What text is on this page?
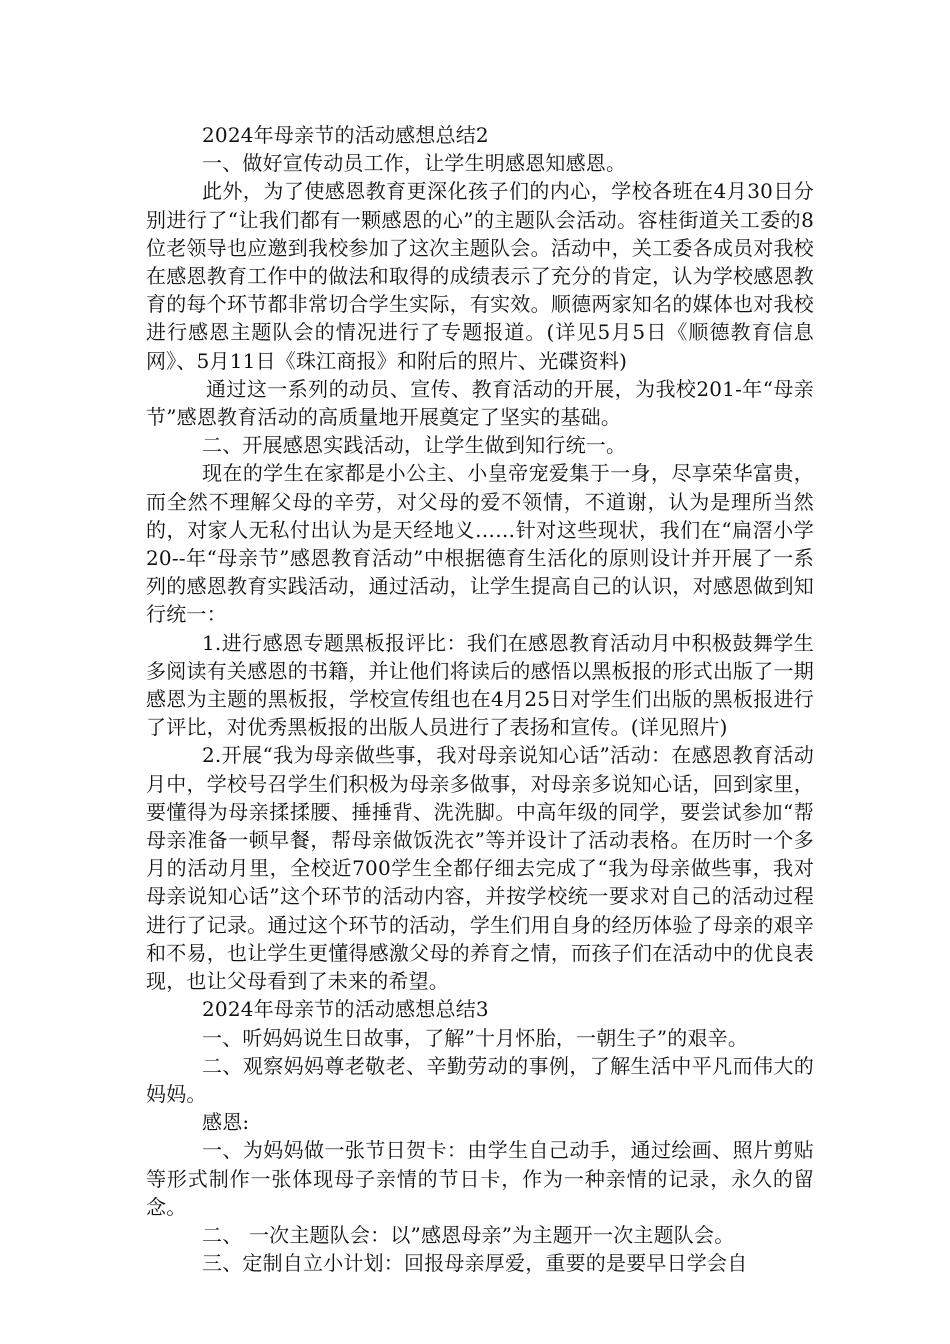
2024年母亲节的活动感想总结2

一、做好宣传动员工作，让学生明感恩知感恩。

此外，为了使感恩教育更深化孩子们的内心，学校各班在4月30日分别进行了“让我们都有一颗感恩的心”的主题队会活动。容桂街道关工委的8位老领导也应邀到我校参加了这次主题队会。活动中，关工委各成员对我校在感恩教育工作中的做法和取得的成绩表示了充分的肯定，认为学校感恩教育的每个环节都非常切合学生实际，有实效。顺德两家知名的媒体也对我校进行感恩主题队会的情况进行了专题报道。(详见5月5日《顺德教育信息网》、5月11日《珠江商报》和附后的照片、光碟资料)

通过这一系列的动员、宣传、教育活动的开展，为我校201-年“母亲节”感恩教育活动的高质量地开展奠定了坚实的基础。

二、开展感恩实践活动，让学生做到知行统一。

现在的学生在家都是小公主、小皇帝宠爱集于一身，尽享荣华富贵，而全然不理解父母的辛劳，对父母的爱不领情，不道谢，认为是理所当然的，对家人无私付出认为是天经地义……针对这些现状，我们在“扁滘小学20--年“母亲节”感恩教育活动”中根据德育生活化的原则设计并开展了一系列的感恩教育实践活动，通过活动，让学生提高自己的认识，对感恩做到知行统一：

1.进行感恩专题黑板报评比：我们在感恩教育活动月中积极鼓舞学生多阅读有关感恩的书籍，并让他们将读后的感悟以黑板报的形式出版了一期感恩为主题的黑板报，学校宣传组也在4月25日对学生们出版的黑板报进行了评比，对优秀黑板报的出版人员进行了表扬和宣传。(详见照片)

2.开展“我为母亲做些事，我对母亲说知心话”活动：在感恩教育活动月中，学校号召学生们积极为母亲多做事，对母亲多说知心话，回到家里，要懂得为母亲揉揉腰、捶捶背、洗洗脚。中高年级的同学，要尝试参加“帮母亲准备一顿早餐，帮母亲做饭洗衣”等并设计了活动表格。在历时一个多月的活动月里，全校近700学生全都仔细去完成了“我为母亲做些事，我对母亲说知心话”这个环节的活动内容，并按学校统一要求对自己的活动过程进行了记录。通过这个环节的活动，学生们用自身的经历体验了母亲的艰辛和不易，也让学生更懂得感激父母的养育之情，而孩子们在活动中的优良表现，也让父母看到了未来的希望。

2024年母亲节的活动感想总结3

一、听妈妈说生日故事，了解”十月怀胎，一朝生子”的艰辛。

二、观察妈妈尊老敬老、辛勤劳动的事例，了解生活中平凡而伟大的妈妈。

感恩:

一、为妈妈做一张节日贺卡：由学生自己动手，通过绘画、照片剪贴等形式制作一张体现母子亲情的节日卡，作为一种亲情的记录，永久的留念。

二、 一次主题队会：以”感恩母亲”为主题开一次主题队会。

三、定制自立小计划：回报母亲厚爱，重要的是要早日学会自
